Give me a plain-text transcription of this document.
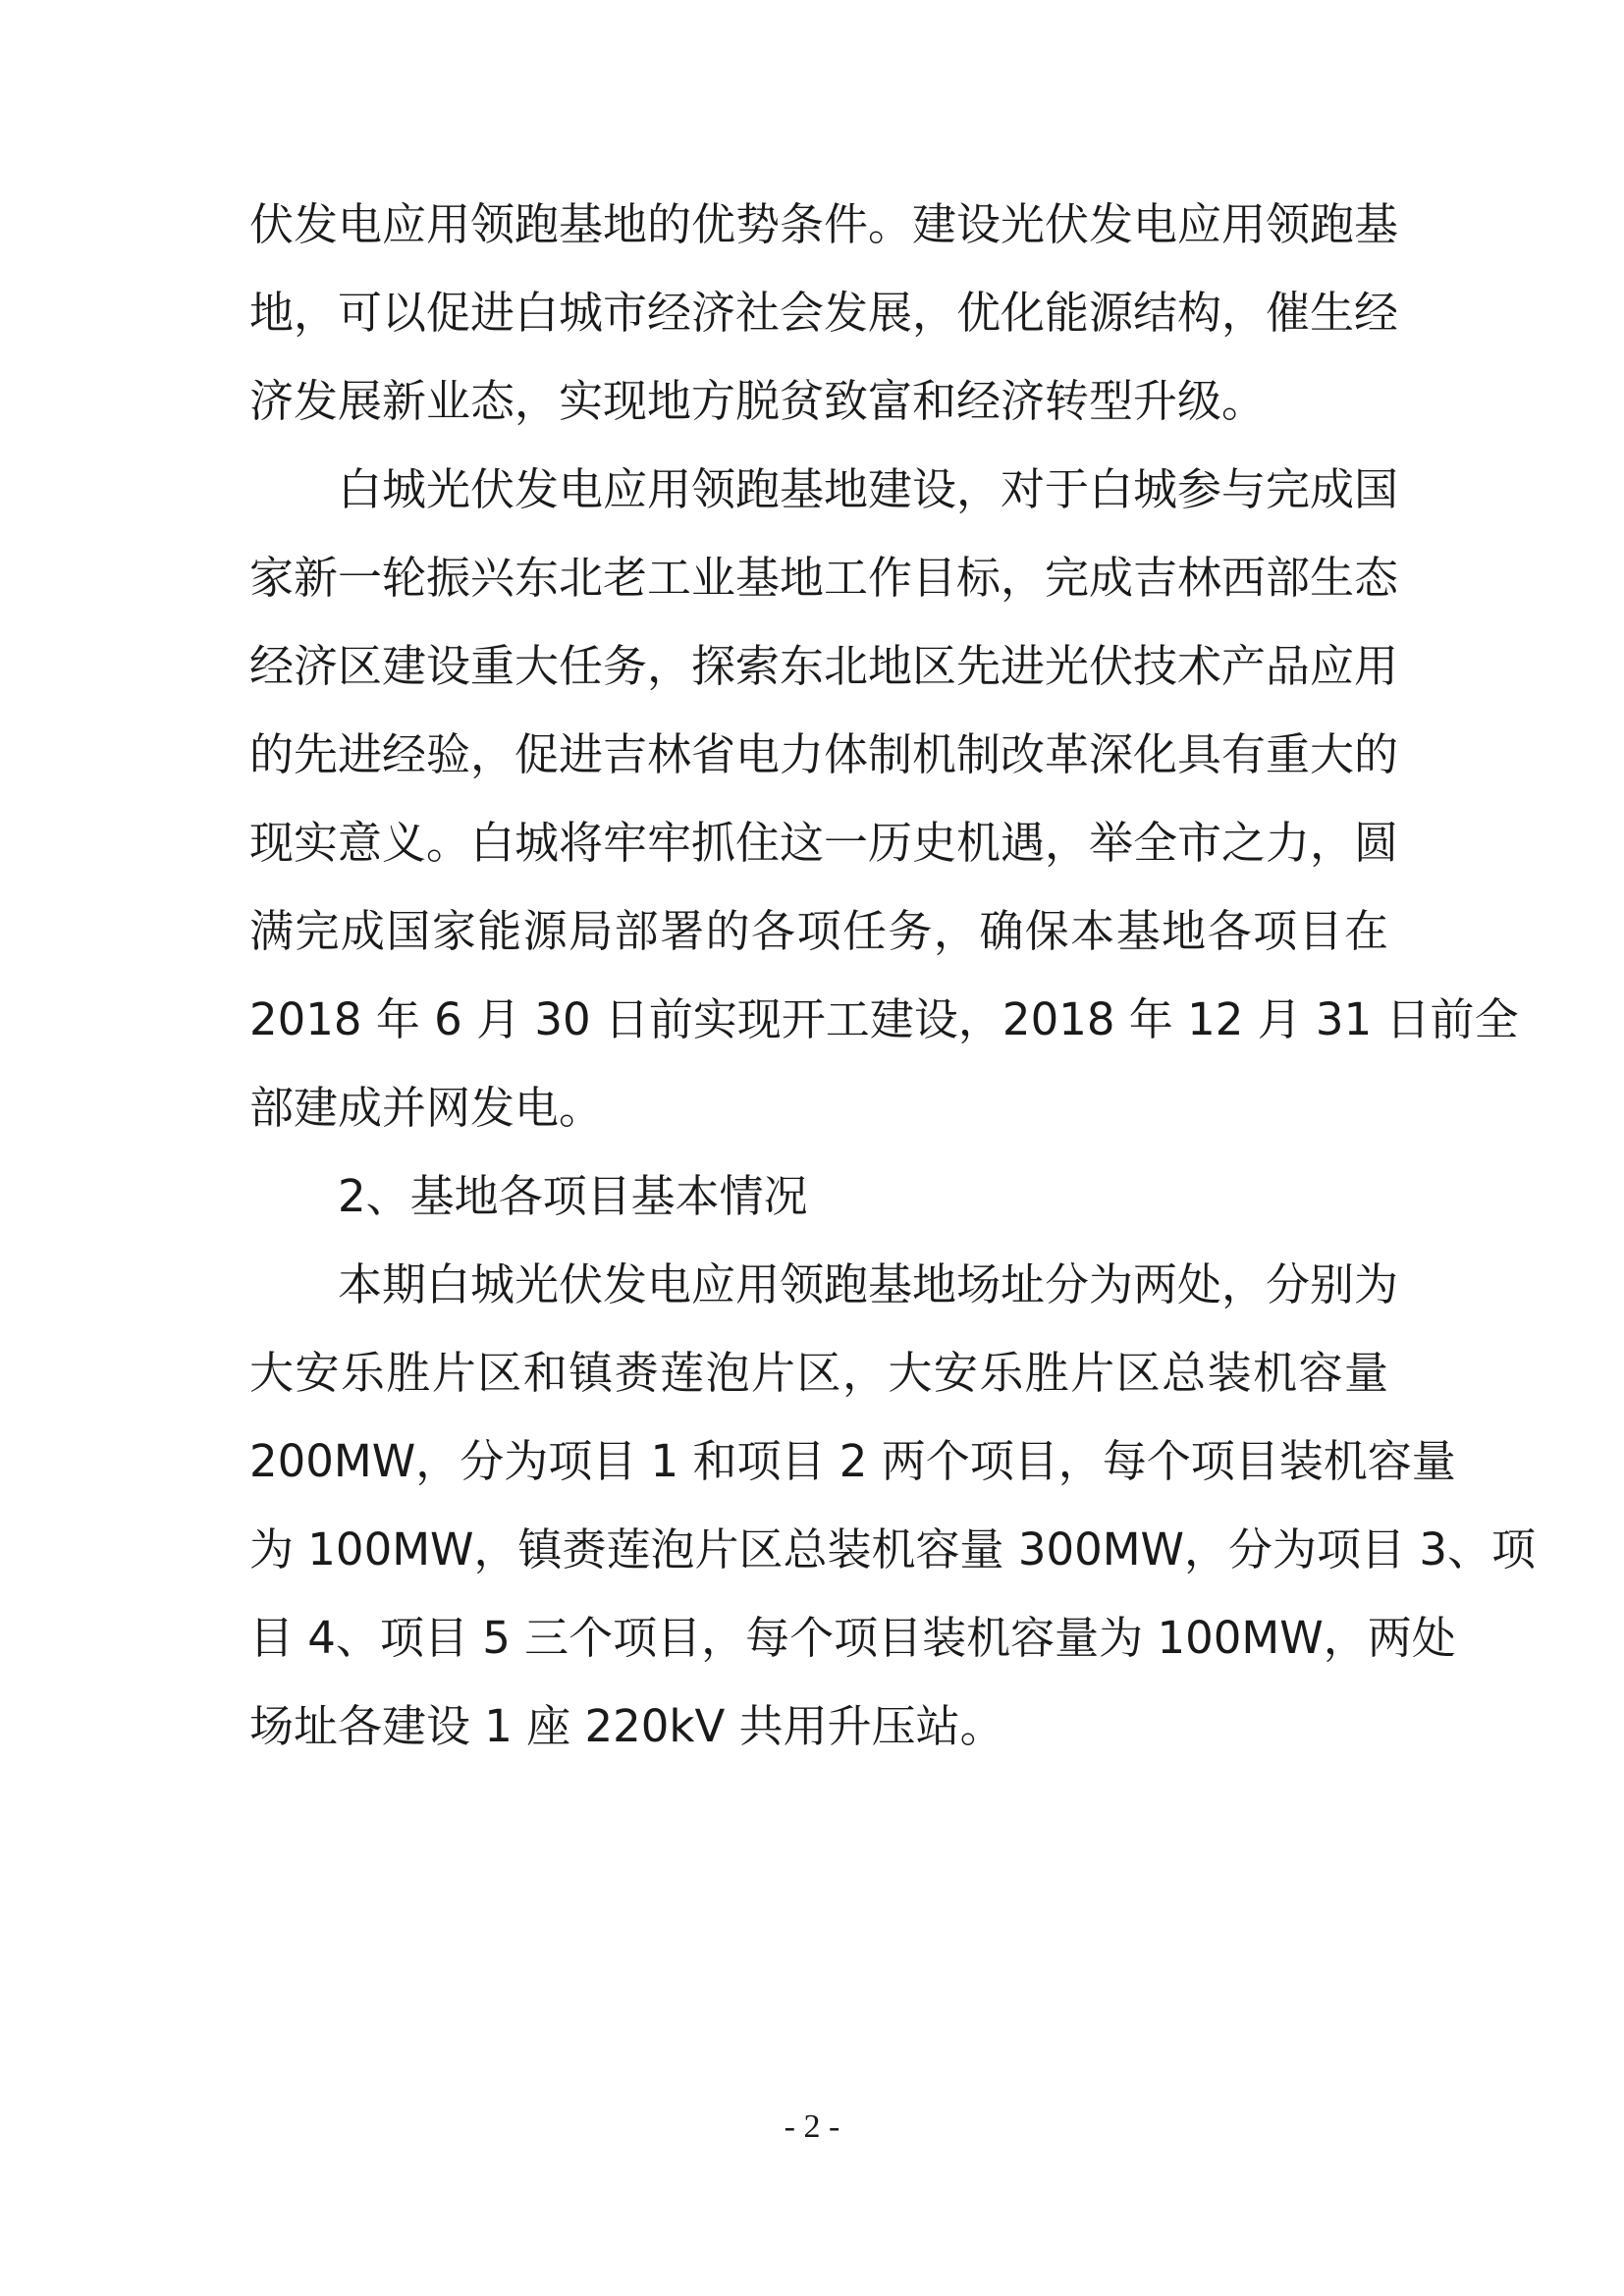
伏发电应用领跑基地的优势条件。建设光伏发电应用领跑基
地，可以促进白城市经济社会发展，优化能源结构，催生经
济发展新业态，实现地方脱贫致富和经济转型升级。
白城光伏发电应用领跑基地建设，对于白城参与完成国
家新一轮振兴东北老工业基地工作目标，完成吉林西部生态
经济区建设重大任务，探索东北地区先进光伏技术产品应用
的先进经验，促进吉林省电力体制机制改革深化具有重大的
现实意义。白城将牢牢抓住这一历史机遇，举全市之力，圆
满完成国家能源局部署的各项任务，确保本基地各项目在
2018 年 6 月 30 日前实现开工建设，2018 年 12 月 31 日前全
部建成并网发电。
2、基地各项目基本情况
本期白城光伏发电应用领跑基地场址分为两处，分别为
大安乐胜片区和镇赉莲泡片区，大安乐胜片区总装机容量
200MW，分为项目 1 和项目 2 两个项目，每个项目装机容量
为 100MW，镇赉莲泡片区总装机容量 300MW，分为项目 3、项
目 4、项目 5 三个项目，每个项目装机容量为 100MW，两处
场址各建设 1 座 220kV 共用升压站。
- 2 -
